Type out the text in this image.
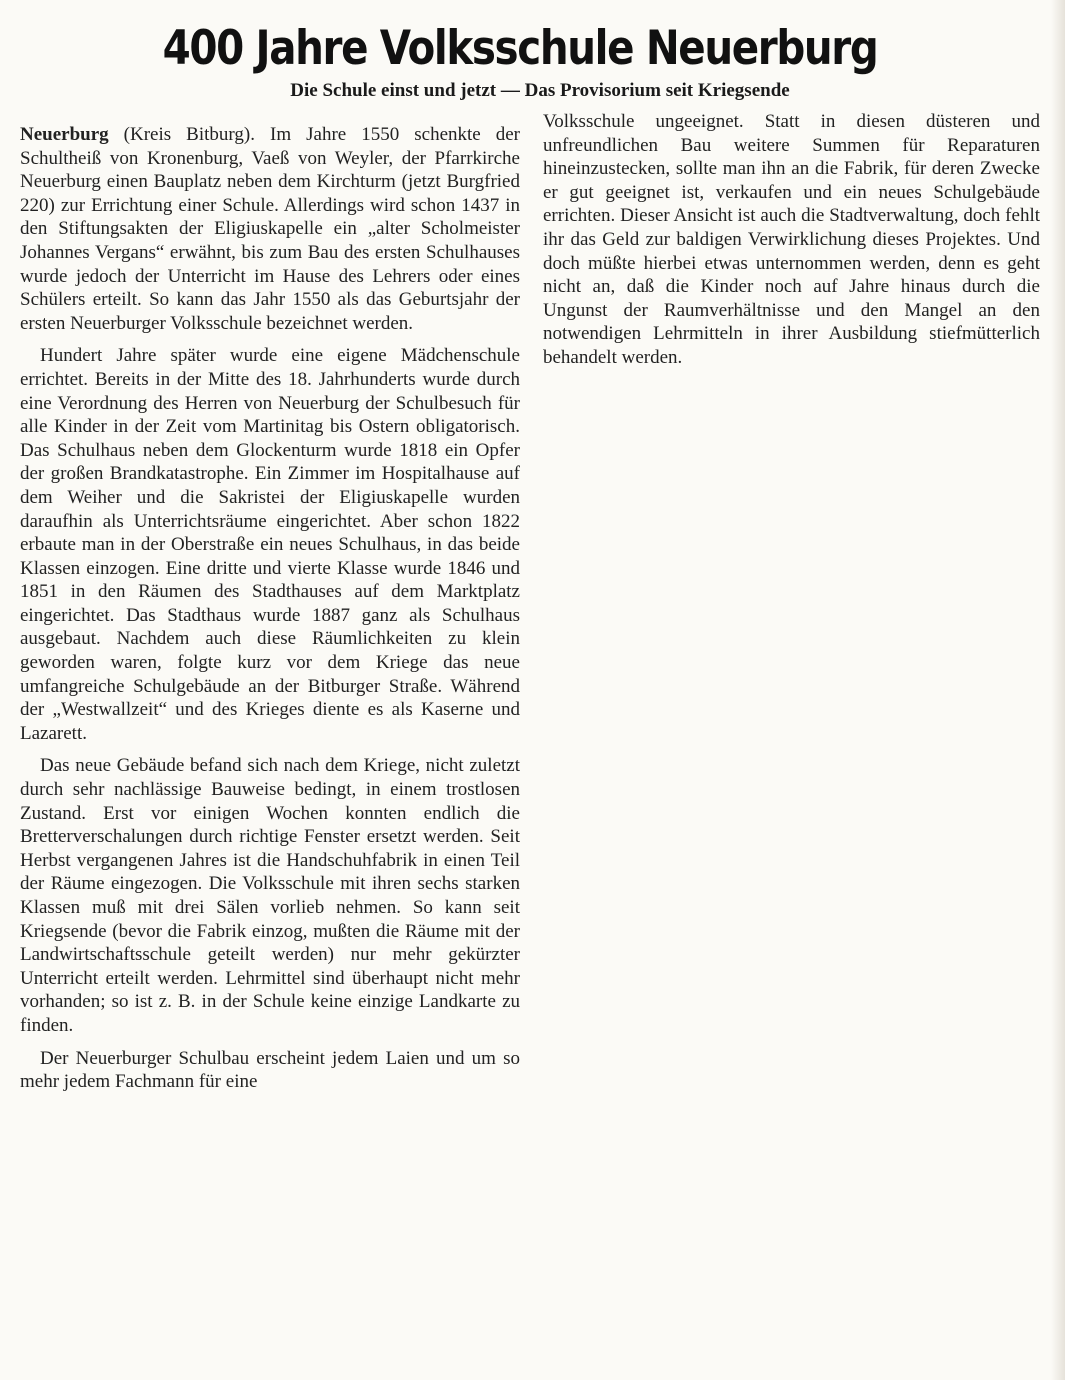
400 Jahre Volksschule Neuerburg
Die Schule einst und jetzt — Das Provisorium seit Kriegsende

Neuerburg (Kreis Bitburg). Im Jahre 1550 schenkte der Schultheiß von Kronenburg, Vaeß von Weyler, der Pfarrkirche Neuerburg einen Bauplatz neben dem Kirchturm (jetzt Burgfried 220) zur Errichtung einer Schule. Allerdings wird schon 1437 in den Stiftungsakten der Eligiuskapelle ein „alter Scholmeister Johannes Vergans“ erwähnt, bis zum Bau des ersten Schulhauses wurde jedoch der Unterricht im Hause des Lehrers oder eines Schülers erteilt. So kann das Jahr 1550 als das Geburtsjahr der ersten Neuerburger Volksschule bezeichnet werden.

Hundert Jahre später wurde eine eigene Mädchenschule errichtet. Bereits in der Mitte des 18. Jahrhunderts wurde durch eine Verordnung des Herren von Neuerburg der Schulbesuch für alle Kinder in der Zeit vom Martinitag bis Ostern obligatorisch. Das Schulhaus neben dem Glockenturm wurde 1818 ein Opfer der großen Brandkatastrophe. Ein Zimmer im Hospitalhause auf dem Weiher und die Sakristei der Eligiuskapelle wurden daraufhin als Unterrichtsräume eingerichtet. Aber schon 1822 erbaute man in der Oberstraße ein neues Schulhaus, in das beide Klassen einzogen. Eine dritte und vierte Klasse wurde 1846 und 1851 in den Räumen des Stadthauses auf dem Marktplatz eingerichtet. Das Stadthaus wurde 1887 ganz als Schulhaus ausgebaut. Nachdem auch diese Räumlichkeiten zu klein geworden waren, folgte kurz vor dem Kriege das neue umfangreiche Schulgebäude an der Bitburger Straße. Während der „Westwallzeit“ und des Krieges diente es als Kaserne und Lazarett.

Das neue Gebäude befand sich nach dem Kriege, nicht zuletzt durch sehr nachlässige Bauweise bedingt, in einem trostlosen Zustand. Erst vor einigen Wochen konnten endlich die Bretterverschalungen durch richtige Fenster ersetzt werden. Seit Herbst vergangenen Jahres ist die Handschuhfabrik in einen Teil der Räume eingezogen. Die Volksschule mit ihren sechs starken Klassen muß mit drei Sälen vorlieb nehmen. So kann seit Kriegsende (bevor die Fabrik einzog, mußten die Räume mit der Landwirtschaftsschule geteilt werden) nur mehr gekürzter Unterricht erteilt werden. Lehrmittel sind überhaupt nicht mehr vorhanden; so ist z. B. in der Schule keine einzige Landkarte zu finden.

Der Neuerburger Schulbau erscheint jedem Laien und um so mehr jedem Fachmann für eine

Volksschule ungeeignet. Statt in diesen düsteren und unfreundlichen Bau weitere Summen für Reparaturen hineinzustecken, sollte man ihn an die Fabrik, für deren Zwecke er gut geeignet ist, verkaufen und ein neues Schulgebäude errichten. Dieser Ansicht ist auch die Stadtverwaltung, doch fehlt ihr das Geld zur baldigen Verwirklichung dieses Projektes. Und doch müßte hierbei etwas unternommen werden, denn es geht nicht an, daß die Kinder noch auf Jahre hinaus durch die Ungunst der Raumverhältnisse und den Mangel an den notwendigen Lehrmitteln in ihrer Ausbildung stiefmütterlich behandelt werden.
